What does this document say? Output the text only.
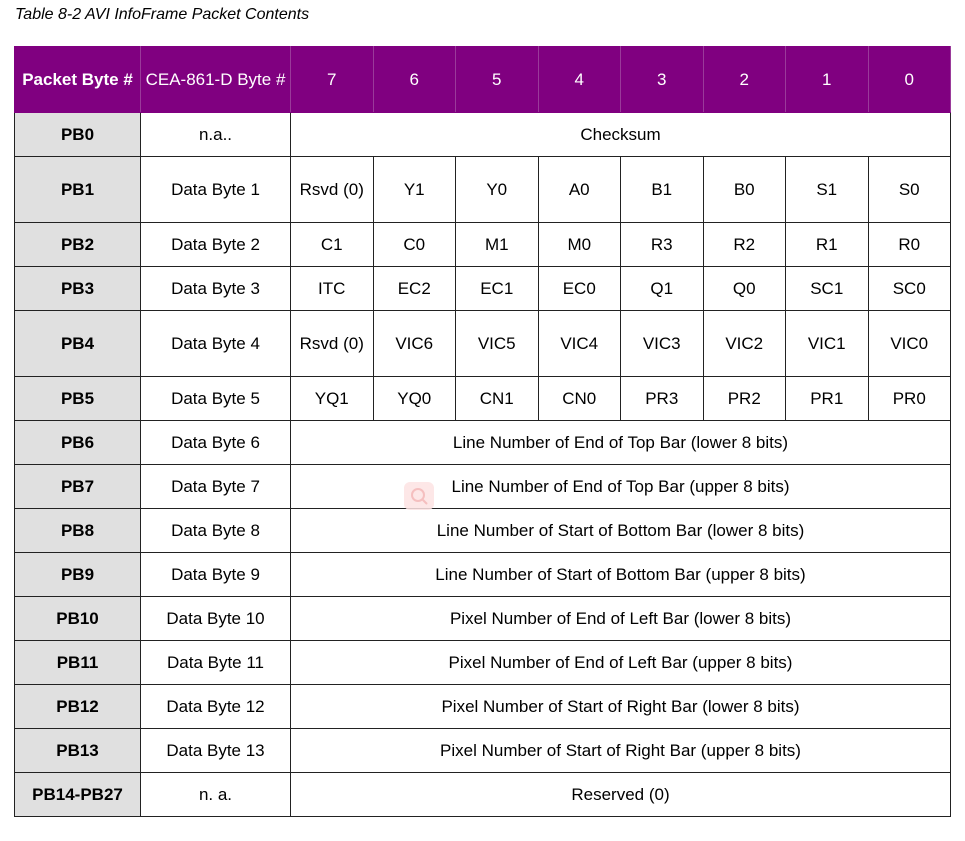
Table 8-2 AVI InfoFrame Packet Contents
Packet Byte #	CEA-861-D Byte #	7	6	5	4	3	2	1	0
PB0	n.a..	Checksum							
PB1	Data Byte 1	Rsvd (0)	Y1	Y0	A0	B1	B0	S1	S0
PB2	Data Byte 2	C1	C0	M1	M0	R3	R2	R1	R0
PB3	Data Byte 3	ITC	EC2	EC1	EC0	Q1	Q0	SC1	SC0
PB4	Data Byte 4	Rsvd (0)	VIC6	VIC5	VIC4	VIC3	VIC2	VIC1	VIC0
PB5	Data Byte 5	YQ1	YQ0	CN1	CN0	PR3	PR2	PR1	PR0
PB6	Data Byte 6	Line Number of End of Top Bar (lower 8 bits)							
PB7	Data Byte 7	Line Number of End of Top Bar (upper 8 bits)							
PB8	Data Byte 8	Line Number of Start of Bottom Bar (lower 8 bits)							
PB9	Data Byte 9	Line Number of Start of Bottom Bar (upper 8 bits)							
PB10	Data Byte 10	Pixel Number of End of Left Bar (lower 8 bits)							
PB11	Data Byte 11	Pixel Number of End of Left Bar (upper 8 bits)							
PB12	Data Byte 12	Pixel Number of Start of Right Bar (lower 8 bits)							
PB13	Data Byte 13	Pixel Number of Start of Right Bar (upper 8 bits)							
PB14-PB27	n. a.	Reserved (0)							
